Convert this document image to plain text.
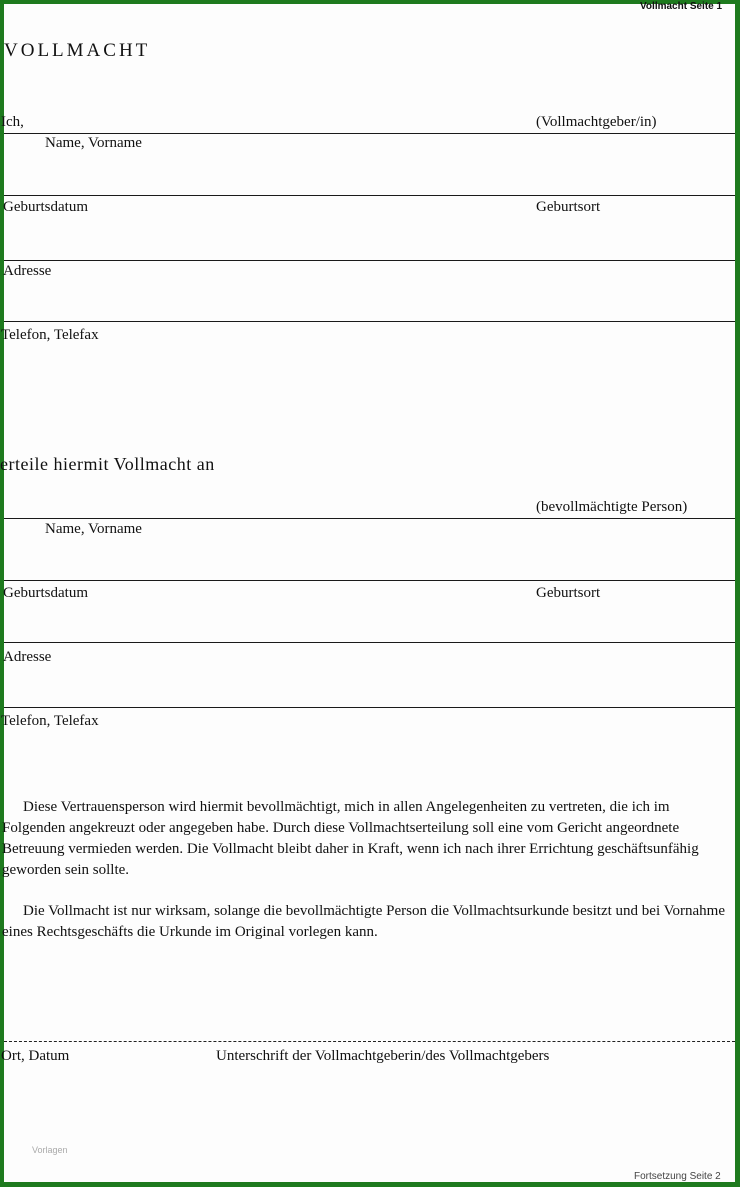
Vollmacht Seite 1
VOLLMACHT
Ich,	(Vollmachtgeber/in)
Name, Vorname
Geburtsdatum	Geburtsort
Adresse
Telefon, Telefax
erteile hiermit Vollmacht an
(bevollmächtigte Person)
Name, Vorname
Geburtsdatum	Geburtsort
Adresse
Telefon, Telefax

Diese Vertrauensperson wird hiermit bevollmächtigt, mich in allen Angelegenheiten zu vertreten, die ich im Folgenden angekreuzt oder angegeben habe. Durch diese Vollmachtserteilung soll eine vom Gericht angeordnete Betreuung vermieden werden. Die Vollmacht bleibt daher in Kraft, wenn ich nach ihrer Errichtung geschäftsunfähig geworden sein sollte.

Die Vollmacht ist nur wirksam, solange die bevollmächtigte Person die Vollmachtsurkunde besitzt und bei Vornahme eines Rechtsgeschäfts die Urkunde im Original vorlegen kann.

Ort, Datum	Unterschrift der Vollmachtgeberin/des Vollmachtgebers
Vorlagen
Fortsetzung Seite 2
